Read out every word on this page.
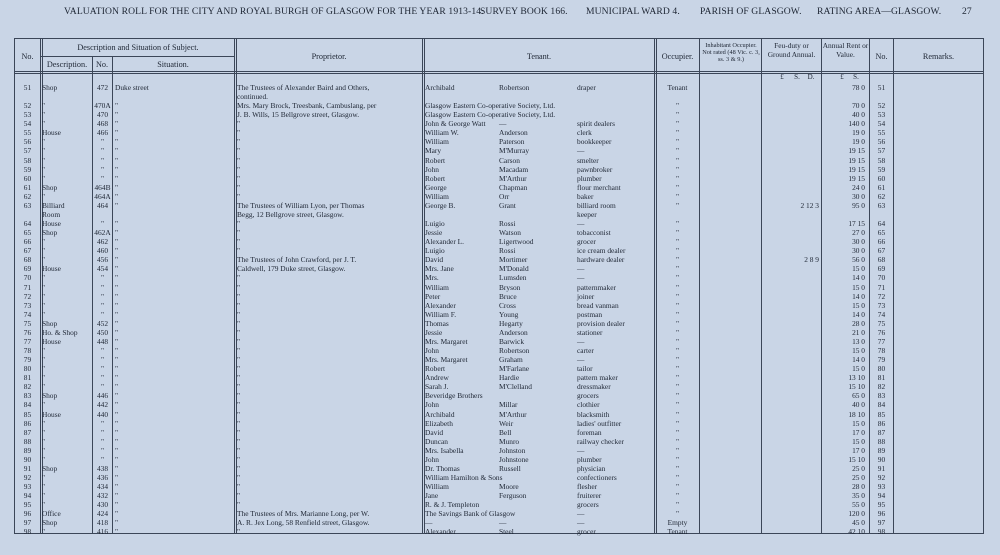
VALUATION ROLL FOR THE CITY AND ROYAL BURGH OF GLASGOW FOR THE YEAR 1913-14.
SURVEY BOOK 166. MUNICIPAL WARD 4. PARISH OF GLASGOW. RATING AREA—GLASGOW. 27
No.
Description and Situation of Subject.
Description.	No.	Situation.
Proprietor.	Tenant.	Occupier.
Inhabitant Occupier. Not rated (48 Vic. c. 3, ss. 3 & 9.)
Feu-duty or Ground Annual.
Annual Rent or Value.	No.	Remarks.
£	S.	D.	£	S.
51	Shop	472 Duke street	The Trustees of Alexander Baird and Others,	Archibald	Robertson	draper	Tenant	78 0	51
continued.
52	"	470A "	Mrs. Mary Brock, Treesbank, Cambuslang, per	Glasgow Eastern Co-operative Society, Ltd.	"	70 0	52
53	"	470 "	J. B. Wills, 15 Bellgrove street, Glasgow.	Glasgow Eastern Co-operative Society, Ltd.	"	40 0	53
54	"	468 "	"	John & George Watt	—	spirit dealers	"	140 0	54
55	House	466 "	"	William W.	Anderson	clerk	"	19 0	55
56	"	"	"	"	William	Paterson	bookkeeper	"	19 0	56
57	"	"	"	"	Mary	M'Murray	—	"	19 15	57
58	"	"	"	"	Robert	Carson	smelter	"	19 15	58
59	"	"	"	"	John	Macadam	pawnbroker	"	19 15	59
60	"	"	"	"	Robert	M'Arthur	plumber	"	19 15	60
61	Shop	464B "	"	George	Chapman	flour merchant	"	24 0	61
62	"	464A "	"	William	Orr	baker	"	30 0	62
63	Billiard	464 "	The Trustees of William Lyon, per Thomas	George B.	Grant	billiard room	"	2 12 3	95 0	63
Room	Begg, 12 Bellgrove street, Glasgow.	keeper
64	House	"	"	"	Luigio	Rossi	—	"	17 15	64
65	Shop	462A "	"	Jessie	Watson	tobacconist	"	27 0	65
66	"	462 "	"	Alexander L.	Ligertwood	grocer	"	30 0	66
67	"	460 "	"	Luigio	Rossi	ice cream dealer	"	30 0	67
68	"	456 "	The Trustees of John Crawford, per J. T.	David	Mortimer	hardware dealer	"	2 8 9	56 0	68
69	House	454 "	Caldwell, 179 Duke street, Glasgow.	Mrs. Jane	M'Donald	—	"	15 0	69
70	"	"	"	"	Mrs.	Lumsden	—	"	14 0	70
71	"	"	"	"	William	Bryson	patternmaker	"	15 0	71
72	"	"	"	"	Peter	Bruce	joiner	"	14 0	72
73	"	"	"	"	Alexander	Cross	bread vanman	"	15 0	73
74	"	"	"	"	William F.	Young	postman	"	14 0	74
75	Shop	452 "	"	Thomas	Hegarty	provision dealer	"	28 0	75
76	Ho. & Shop	450 "	"	Jessie	Anderson	stationer	"	21 0	76
77	House	448 "	"	Mrs. Margaret	Barwick	—	"	13 0	77
78	"	"	"	"	John	Robertson	carter	"	15 0	78
79	"	"	"	"	Mrs. Margaret	Graham	—	"	14 0	79
80	"	"	"	"	Robert	M'Farlane	tailor	"	15 0	80
81	"	"	"	"	Andrew	Hardie	pattern maker	"	13 10	81
82	"	"	"	"	Sarah J.	M'Clelland	dressmaker	"	15 10	82
83	Shop	446 "	"	Beveridge Brothers	grocers	"	65 0	83
84	"	442 "	"	John	Millar	clothier	"	40 0	84
85	House	440 "	"	Archibald	M'Arthur	blacksmith	"	18 10	85
86	"	"	"	"	Elizabeth	Weir	ladies' outfitter	"	15 0	86
87	"	"	"	"	David	Bell	foreman	"	17 0	87
88	"	"	"	"	Duncan	Munro	railway checker	"	15 0	88
89	"	"	"	"	Mrs. Isabella	Johnston	—	"	17 0	89
90	"	"	"	"	John	Johnstone	plumber	"	15 10	90
91	Shop	438 "	"	Dr. Thomas	Russell	physician	"	25 0	91
92	"	436 "	"	William Hamilton & Sons	confectioners	"	25 0	92
93	"	434 "	"	William	Moore	flesher	"	28 0	93
94	"	432 "	"	Jane	Ferguson	fruiterer	"	35 0	94
95	"	430 "	"	R. & J. Templeton	grocers	"	55 0	95
96	Office	424 "	The Trustees of Mrs. Marianne Long, per W.	The Savings Bank of Glasgow	—	"	120 0	96
97	Shop	418 "	A. R. Jex Long, 58 Renfield street, Glasgow.	—	—	—	Empty	45 0	97
98	"	416 "	"	Alexander	Steel	grocer	Tenant	42 10	98
